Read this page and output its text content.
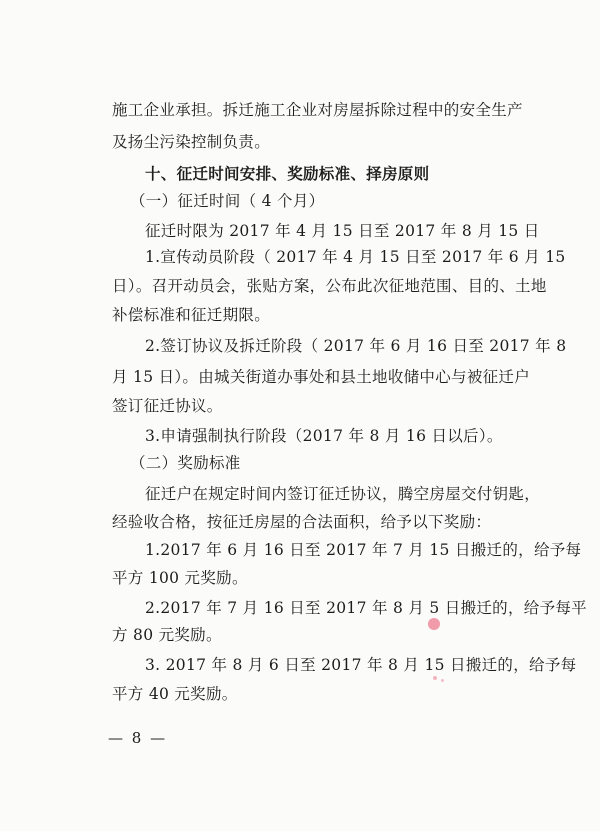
施工企业承担。拆迁施工企业对房屋拆除过程中的安全生产
及扬尘污染控制负责。
十、征迁时间安排、奖励标准、择房原则
（一）征迁时间（ 4 个月）
征迁时限为 2017 年 4 月 15 日至 2017 年 8 月 15 日
1.宣传动员阶段（ 2017 年 4 月 15 日至 2017 年 6 月 15
日）。召开动员会，张贴方案，公布此次征地范围、目的、土地
补偿标准和征迁期限。
2.签订协议及拆迁阶段（ 2017 年 6 月 16 日至 2017 年 8
月 15 日）。由城关街道办事处和县土地收储中心与被征迁户
签订征迁协议。
3.申请强制执行阶段（2017 年 8 月 16 日以后）。
（二）奖励标准
征迁户在规定时间内签订征迁协议，腾空房屋交付钥匙，
经验收合格，按征迁房屋的合法面积，给予以下奖励：
1.2017 年 6 月 16 日至 2017 年 7 月 15 日搬迁的，给予每
平方 100 元奖励。
2.2017 年 7 月 16 日至 2017 年 8 月 5 日搬迁的，给予每平
方 80 元奖励。
3. 2017 年 8 月 6 日至 2017 年 8 月 15 日搬迁的，给予每
平方 40 元奖励。
— 8 —
